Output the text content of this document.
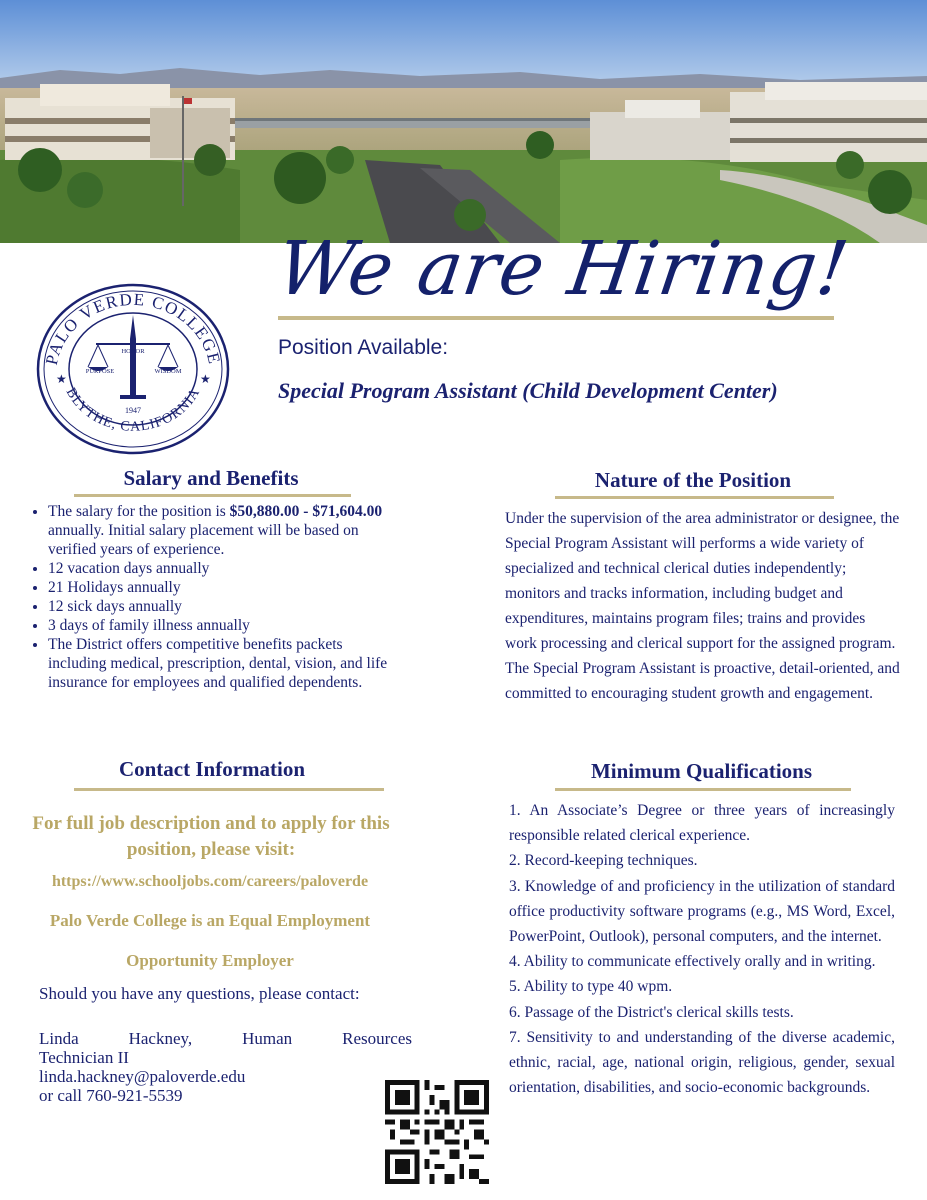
We are Hiring!
Position Available:
Special Program Assistant (Child Development Center)
PALO VERDE COLLEGE
BLYTHE, CALIFORNIA
★	★
HONOR
PURPOSE	WISDOM
1947
Salary and Benefits
• The salary for the position is $50,880.00 - $71,604.00 annually. Initial salary placement will be based on verified years of experience.
• 12 vacation days annually
• 21 Holidays annually
• 12 sick days annually
• 3 days of family illness annually
• The District offers competitive benefits packets including medical, prescription, dental, vision, and life insurance for employees and qualified dependents.
Nature of the Position

Under the supervision of the area administrator or designee, the Special Program Assistant will performs a wide variety of specialized and technical clerical duties independently; monitors and tracks information, including budget and expenditures, maintains program files; trains and provides work processing and clerical support for the assigned program. The Special Program Assistant is proactive, detail-oriented, and committed to encouraging student growth and engagement.

Contact Information
For full job description and to apply for this position, please visit:
https://www.schooljobs.com/careers/paloverde
Palo Verde College is an Equal Employment
Opportunity Employer

Should you have any questions, please contact:

Linda Hackney, Human Resources
Technician II
linda.hackney@paloverde.edu
or call 760-921-5539
Minimum Qualifications
1. An Associate’s Degree or three years of increasingly responsible related clerical experience.
2. Record-keeping techniques.
3. Knowledge of and proficiency in the utilization of standard office productivity software programs (e.g., MS Word, Excel, PowerPoint, Outlook), personal computers, and the internet.
4. Ability to communicate effectively orally and in writing.
5. Ability to type 40 wpm.
6. Passage of the District's clerical skills tests.
7. Sensitivity to and understanding of the diverse academic, ethnic, racial, age, national origin, religious, gender, sexual orientation, disabilities, and socio-economic backgrounds.
